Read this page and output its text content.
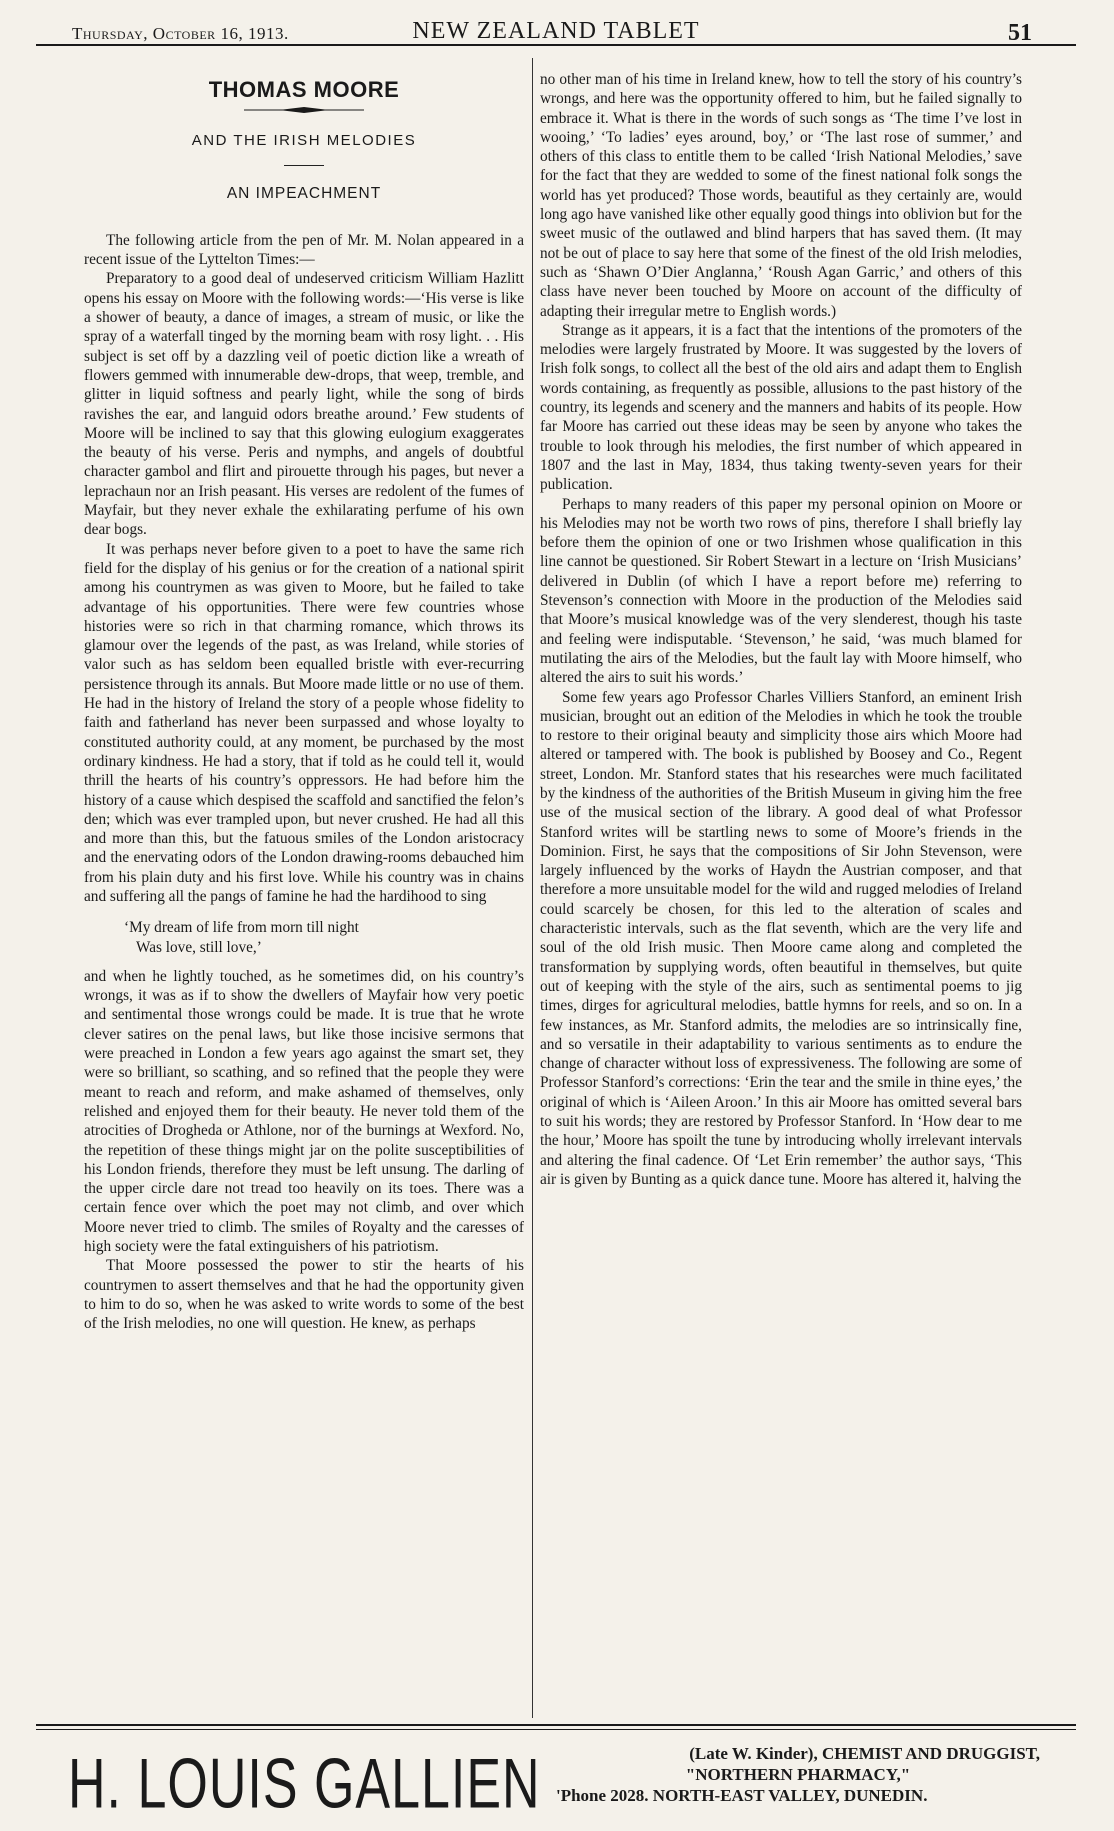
Thursday, October 16, 1913.	NEW ZEALAND TABLET	51
THOMAS MOORE
AND THE IRISH MELODIES
AN IMPEACHMENT

The following article from the pen of Mr. M. Nolan appeared in a recent issue of the Lyttelton Times:—

Preparatory to a good deal of undeserved criticism William Hazlitt opens his essay on Moore with the following words:—‘His verse is like a shower of beauty, a dance of images, a stream of music, or like the spray of a waterfall tinged by the morning beam with rosy light. . . His subject is set off by a dazzling veil of poetic diction like a wreath of flowers gemmed with innumerable dew-drops, that weep, tremble, and glitter in liquid softness and pearly light, while the song of birds ravishes the ear, and languid odors breathe around.’ Few students of Moore will be inclined to say that this glowing eulogium exaggerates the beauty of his verse. Peris and nymphs, and angels of doubtful character gambol and flirt and pirouette through his pages, but never a leprachaun nor an Irish peasant. His verses are redolent of the fumes of Mayfair, but they never exhale the exhilarating perfume of his own dear bogs.

It was perhaps never before given to a poet to have the same rich field for the display of his genius or for the creation of a national spirit among his countrymen as was given to Moore, but he failed to take advantage of his opportunities. There were few countries whose histories were so rich in that charming romance, which throws its glamour over the legends of the past, as was Ireland, while stories of valor such as has seldom been equalled bristle with ever-recurring persistence through its annals. But Moore made little or no use of them. He had in the history of Ireland the story of a people whose fidelity to faith and fatherland has never been surpassed and whose loyalty to constituted authority could, at any moment, be purchased by the most ordinary kindness. He had a story, that if told as he could tell it, would thrill the hearts of his country’s oppressors. He had before him the history of a cause which despised the scaffold and sanctified the felon’s den; which was ever trampled upon, but never crushed. He had all this and more than this, but the fatuous smiles of the London aristocracy and the enervating odors of the London drawing-rooms debauched him from his plain duty and his first love. While his country was in chains and suffering all the pangs of famine he had the hardihood to sing

‘My dream of life from morn till night
Was love, still love,’

and when he lightly touched, as he sometimes did, on his country’s wrongs, it was as if to show the dwellers of Mayfair how very poetic and sentimental those wrongs could be made. It is true that he wrote clever satires on the penal laws, but like those incisive sermons that were preached in London a few years ago against the smart set, they were so brilliant, so scathing, and so refined that the people they were meant to reach and reform, and make ashamed of themselves, only relished and enjoyed them for their beauty. He never told them of the atrocities of Drogheda or Athlone, nor of the burnings at Wexford. No, the repetition of these things might jar on the polite susceptibilities of his London friends, therefore they must be left unsung. The darling of the upper circle dare not tread too heavily on its toes. There was a certain fence over which the poet may not climb, and over which Moore never tried to climb. The smiles of Royalty and the caresses of high society were the fatal extinguishers of his patriotism.

That Moore possessed the power to stir the hearts of his countrymen to assert themselves and that he had the opportunity given to him to do so, when he was asked to write words to some of the best of the Irish melodies, no one will question. He knew, as perhaps

no other man of his time in Ireland knew, how to tell the story of his country’s wrongs, and here was the opportunity offered to him, but he failed signally to embrace it. What is there in the words of such songs as ‘The time I’ve lost in wooing,’ ‘To ladies’ eyes around, boy,’ or ‘The last rose of summer,’ and others of this class to entitle them to be called ‘Irish National Melodies,’ save for the fact that they are wedded to some of the finest national folk songs the world has yet produced? Those words, beautiful as they certainly are, would long ago have vanished like other equally good things into oblivion but for the sweet music of the outlawed and blind harpers that has saved them. (It may not be out of place to say here that some of the finest of the old Irish melodies, such as ‘Shawn O’Dier Anglanna,’ ‘Roush Agan Garric,’ and others of this class have never been touched by Moore on account of the difficulty of adapting their irregular metre to English words.)

Strange as it appears, it is a fact that the intentions of the promoters of the melodies were largely frustrated by Moore. It was suggested by the lovers of Irish folk songs, to collect all the best of the old airs and adapt them to English words containing, as frequently as possible, allusions to the past history of the country, its legends and scenery and the manners and habits of its people. How far Moore has carried out these ideas may be seen by anyone who takes the trouble to look through his melodies, the first number of which appeared in 1807 and the last in May, 1834, thus taking twenty-seven years for their publication.

Perhaps to many readers of this paper my personal opinion on Moore or his Melodies may not be worth two rows of pins, therefore I shall briefly lay before them the opinion of one or two Irishmen whose qualification in this line cannot be questioned. Sir Robert Stewart in a lecture on ‘Irish Musicians’ delivered in Dublin (of which I have a report before me) referring to Stevenson’s connection with Moore in the production of the Melodies said that Moore’s musical knowledge was of the very slenderest, though his taste and feeling were indisputable. ‘Stevenson,’ he said, ‘was much blamed for mutilating the airs of the Melodies, but the fault lay with Moore himself, who altered the airs to suit his words.’

Some few years ago Professor Charles Villiers Stanford, an eminent Irish musician, brought out an edition of the Melodies in which he took the trouble to restore to their original beauty and simplicity those airs which Moore had altered or tampered with. The book is published by Boosey and Co., Regent street, London. Mr. Stanford states that his researches were much facilitated by the kindness of the authorities of the British Museum in giving him the free use of the musical section of the library. A good deal of what Professor Stanford writes will be startling news to some of Moore’s friends in the Dominion. First, he says that the compositions of Sir John Stevenson, were largely influenced by the works of Haydn the Austrian composer, and that therefore a more unsuitable model for the wild and rugged melodies of Ireland could scarcely be chosen, for this led to the alteration of scales and characteristic intervals, such as the flat seventh, which are the very life and soul of the old Irish music. Then Moore came along and completed the transformation by supplying words, often beautiful in themselves, but quite out of keeping with the style of the airs, such as sentimental poems to jig times, dirges for agricultural melodies, battle hymns for reels, and so on. In a few instances, as Mr. Stanford admits, the melodies are so intrinsically fine, and so versatile in their adaptability to various sentiments as to endure the change of character without loss of expressiveness. The following are some of Professor Stanford’s corrections: ‘Erin the tear and the smile in thine eyes,’ the original of which is ‘Aileen Aroon.’ In this air Moore has omitted several bars to suit his words; they are restored by Professor Stanford. In ‘How dear to me the hour,’ Moore has spoilt the tune by introducing wholly irrelevant intervals and altering the final cadence. Of ‘Let Erin remember’ the author says, ‘This air is given by Bunting as a quick dance tune. Moore has altered it, halving the

H. LOUIS GALLIEN	(Late W. Kinder), CHEMIST AND DRUGGIST,
"NORTHERN PHARMACY,"
'Phone 2028. NORTH-EAST VALLEY, DUNEDIN.
